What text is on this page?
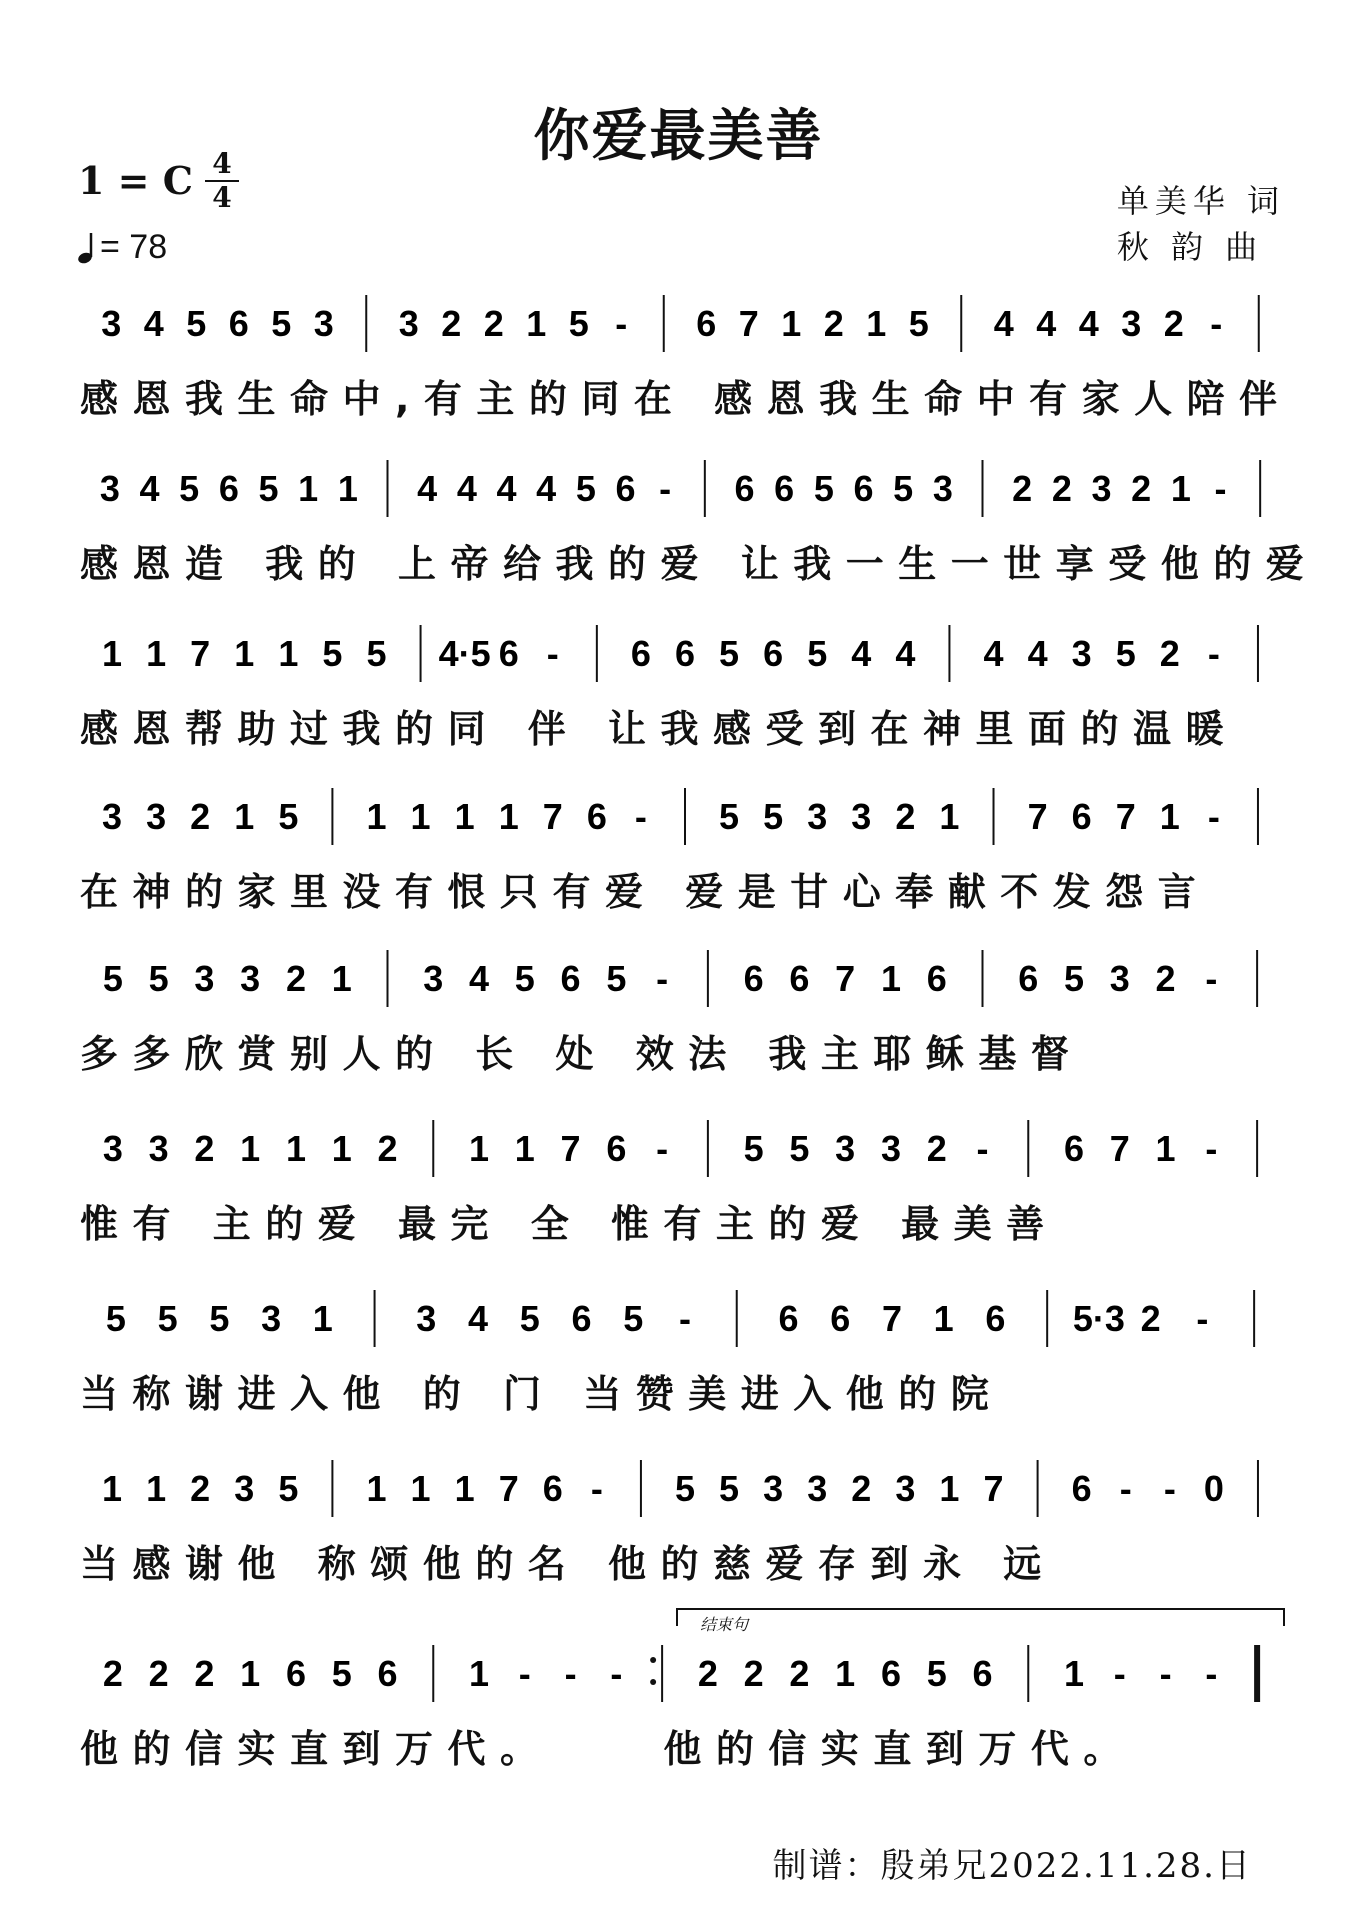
你爱最美善
1 = C 4
4
= 78
单美华 词
秋 韵 曲
3 4 5 6 5 3 3 2 2 1 5 - 6 7 1 2 1 5 4 4 4 3 2 -
感恩我生命中,有主的同在 感恩我生命中有家人陪伴
3 4 5 6 5 1 1 4 4 4 4 5 6 - 6 6 5 6 5 3 2 2 3 2 1 -
感恩造 我的 上帝给我的爱 让我一生一世享受他的爱
1 1 7 1 1 5 5 4·5 6 - 6 6 5 6 5 4 4 4 4 3 5 2 -
感恩帮助过我的同 伴 让我感受到在神里面的温暖
3 3 2 1 5 1 1 1 1 7 6 - 5 5 3 3 2 1 7 6 7 1 -
在神的家里没有恨只有爱 爱是甘心奉献不发怨言
5 5 3 3 2 1 3 4 5 6 5 - 6 6 7 1 6 6 5 3 2 -
多多欣赏别人的 长 处 效法 我主耶稣基督
3 3 2 1 1 1 2 1 1 7 6 - 5 5 3 3 2 - 6 7 1 -
惟有 主的爱 最完 全 惟有主的爱 最美善
5 5 5 3 1 3 4 5 6 5 - 6 6 7 1 6 5·3 2 -
当称谢进入他 的 门 当赞美进入他的院
1 1 2 3 5 1 1 1 7 6 - 5 5 3 3 2 3 1 7 6 - - 0
当感谢他 称颂他的名 他的慈爱存到永 远
2 2 2 1 6 5 6 1 - - - 2 2 2 1 6 5 6 1 - - -
他的信实直到万代。    他的信实直到万代。
结束句
制谱：殷弟兄2022.11.28.日
